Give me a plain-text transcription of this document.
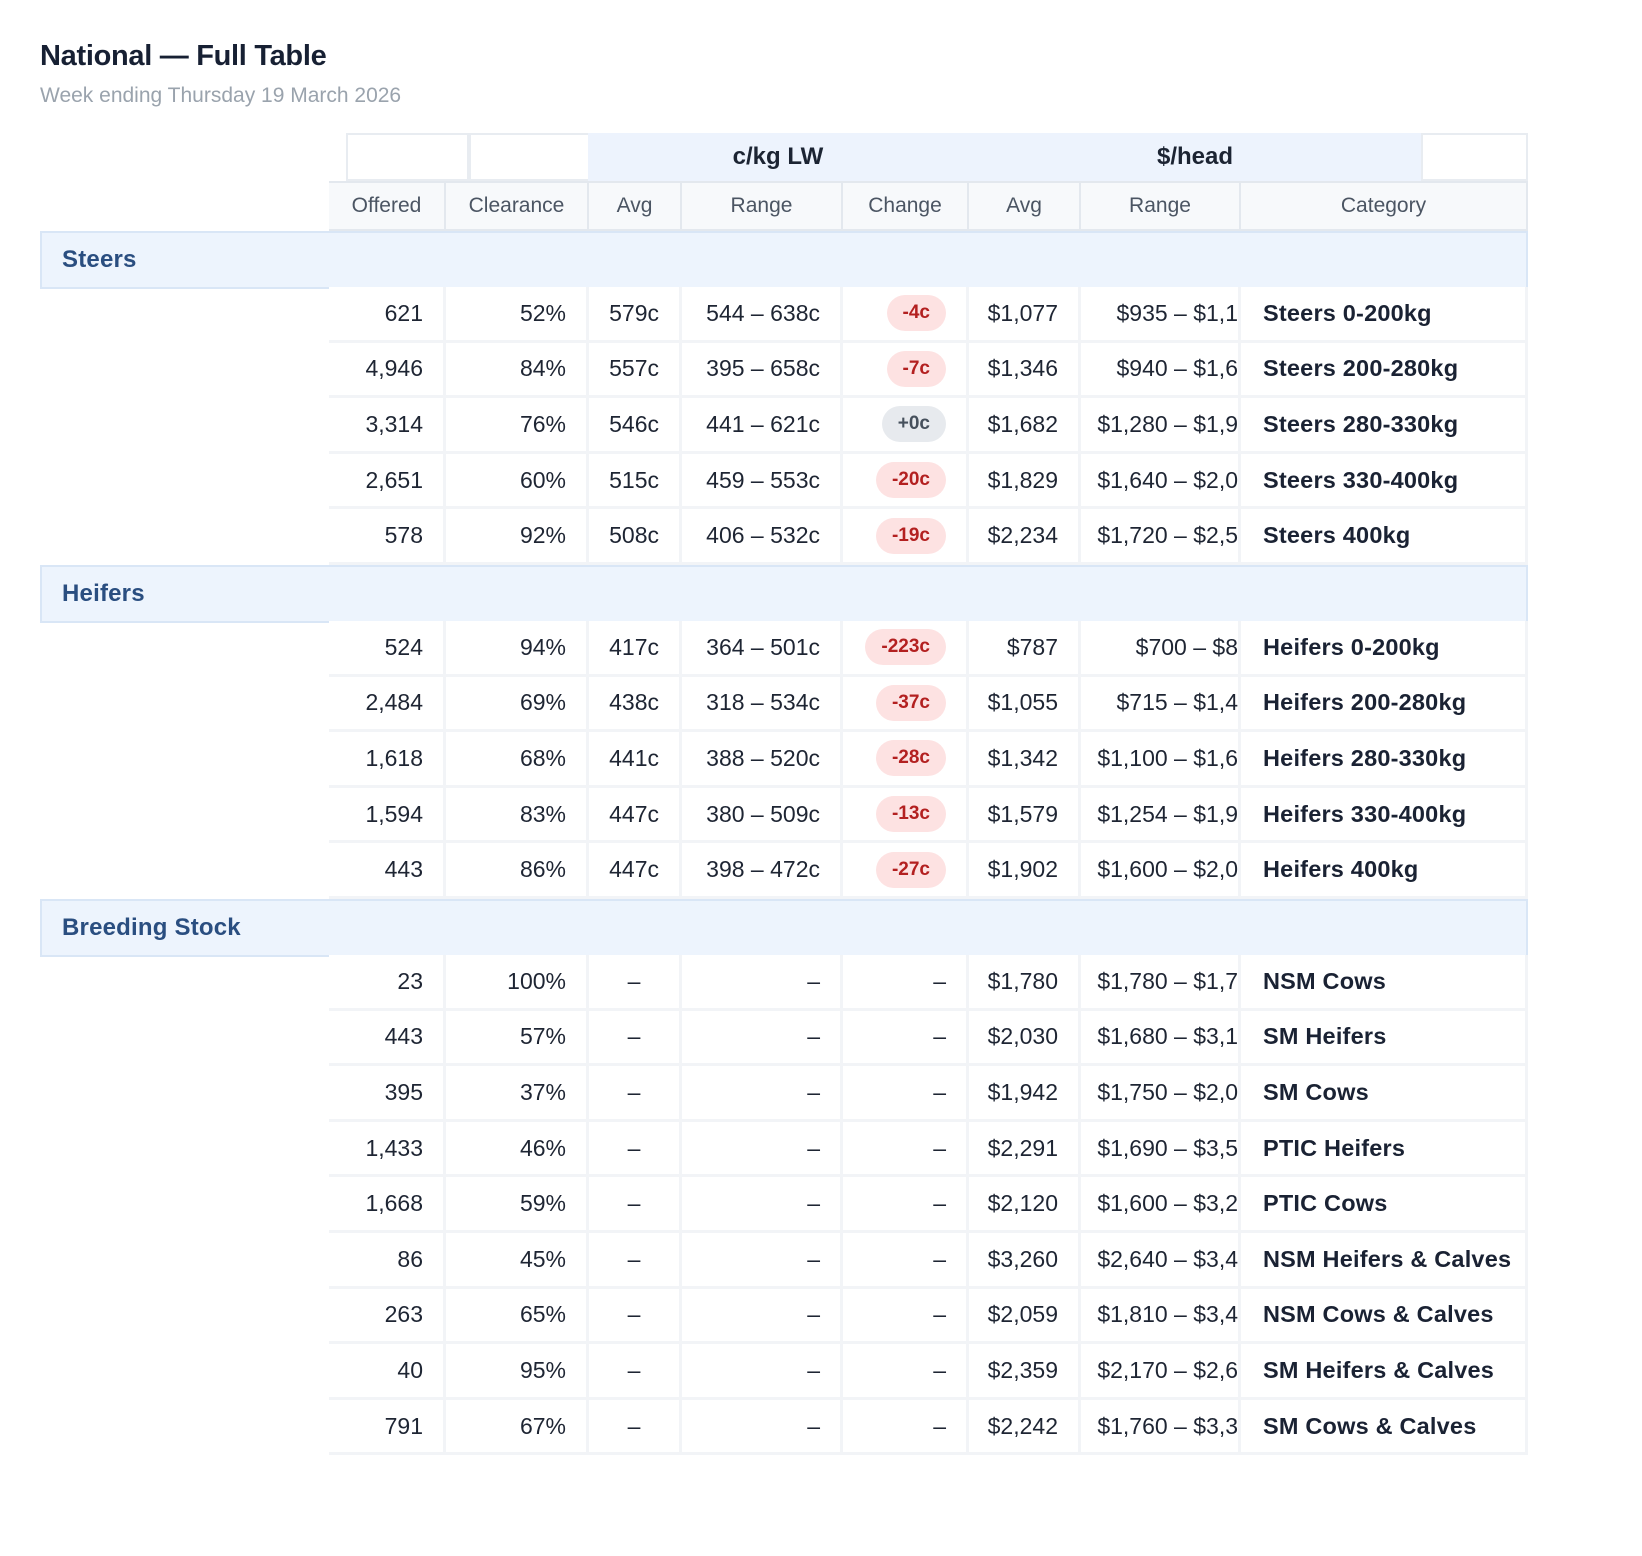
National — Full Table
Week ending Thursday 19 March 2026
c/kg LW	$/head
Offered	Clearance	Avg	Range	Change	Avg	Range	Category
Steers
621	52%	579c	544 – 638c	-4c	$1,077	$935 – $1,1	Steers 0-200kg
4,946	84%	557c	395 – 658c	-7c	$1,346	$940 – $1,6	Steers 200-280kg
3,314	76%	546c	441 – 621c	+0c	$1,682	$1,280 – $1,9	Steers 280-330kg
2,651	60%	515c	459 – 553c	-20c	$1,829	$1,640 – $2,0	Steers 330-400kg
578	92%	508c	406 – 532c	-19c	$2,234	$1,720 – $2,5	Steers 400kg
Heifers
524	94%	417c	364 – 501c	-223c	$787	$700 – $8	Heifers 0-200kg
2,484	69%	438c	318 – 534c	-37c	$1,055	$715 – $1,4	Heifers 200-280kg
1,618	68%	441c	388 – 520c	-28c	$1,342	$1,100 – $1,6	Heifers 280-330kg
1,594	83%	447c	380 – 509c	-13c	$1,579	$1,254 – $1,9	Heifers 330-400kg
443	86%	447c	398 – 472c	-27c	$1,902	$1,600 – $2,0	Heifers 400kg
Breeding Stock
23	100%	–	–	–	$1,780	$1,780 – $1,7	NSM Cows
443	57%	–	–	–	$2,030	$1,680 – $3,1	SM Heifers
395	37%	–	–	–	$1,942	$1,750 – $2,0	SM Cows
1,433	46%	–	–	–	$2,291	$1,690 – $3,5	PTIC Heifers
1,668	59%	–	–	–	$2,120	$1,600 – $3,2	PTIC Cows
86	45%	–	–	–	$3,260	$2,640 – $3,4	NSM Heifers & Calves
263	65%	–	–	–	$2,059	$1,810 – $3,4	NSM Cows & Calves
40	95%	–	–	–	$2,359	$2,170 – $2,6	SM Heifers & Calves
791	67%	–	–	–	$2,242	$1,760 – $3,3	SM Cows & Calves
